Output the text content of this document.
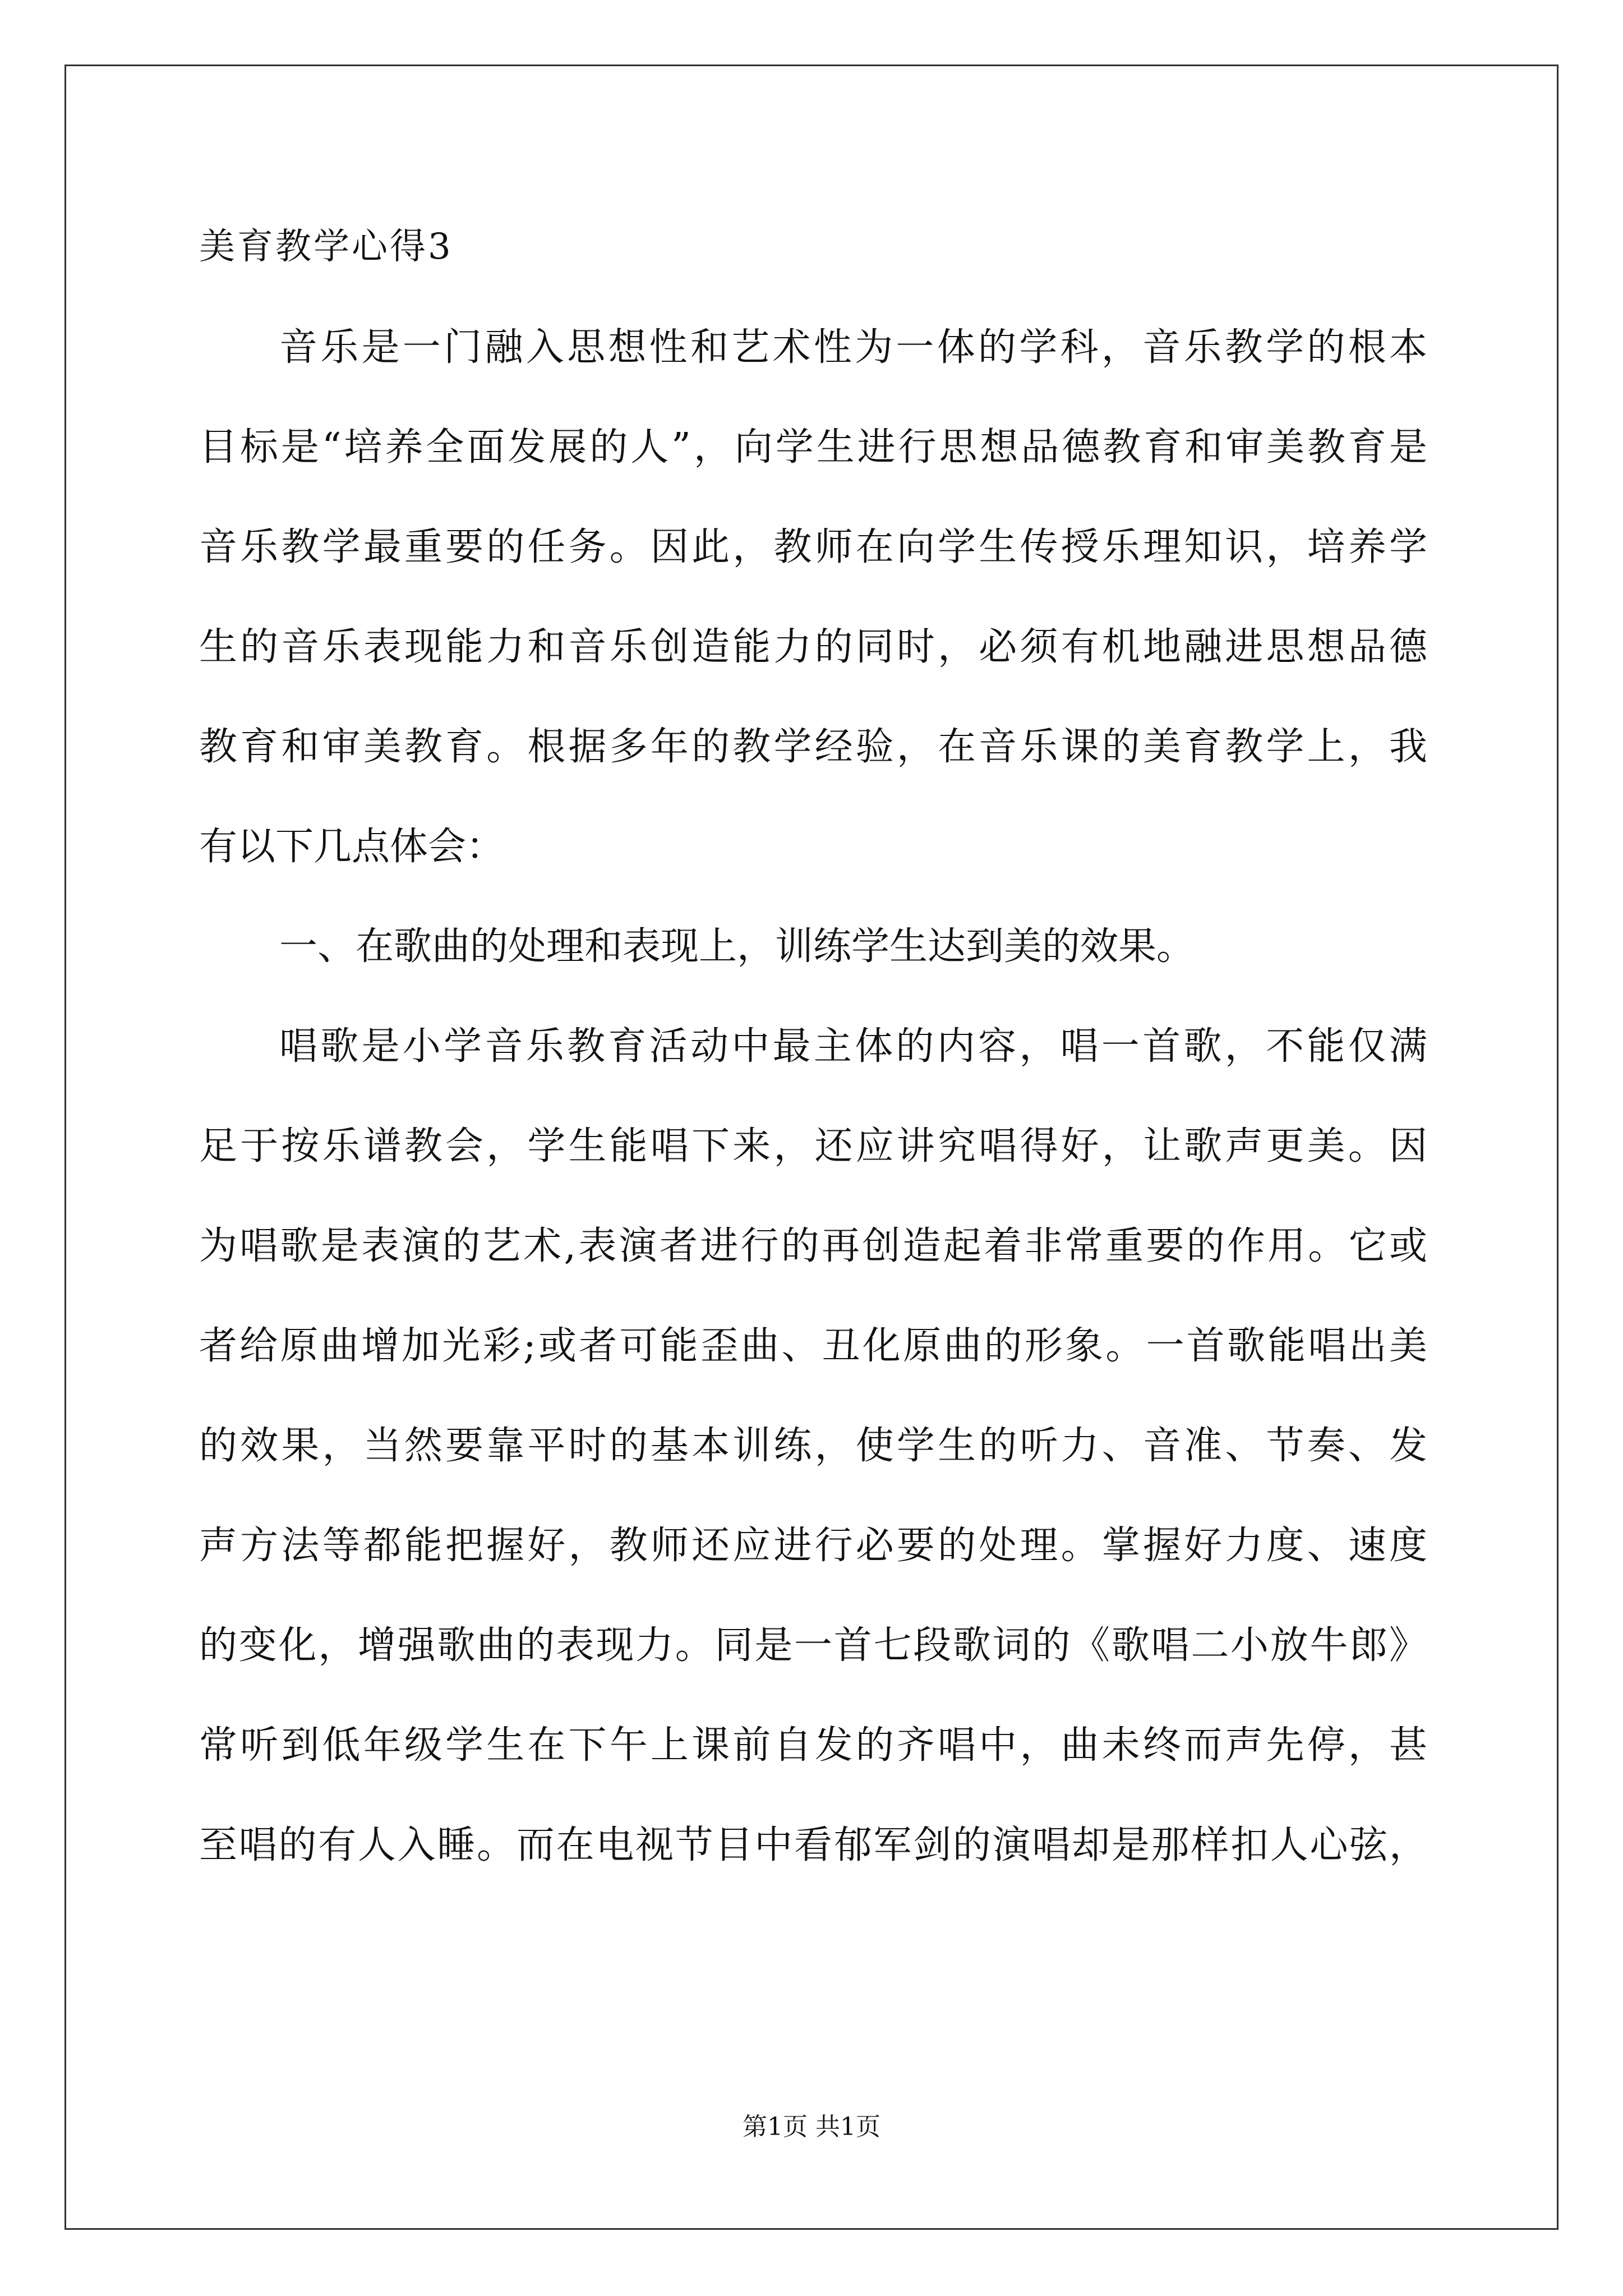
美育教学心得3
音乐是一门融入思想性和艺术性为一体的学科，音乐教学的根本
目标是“培养全面发展的人”，向学生进行思想品德教育和审美教育是
音乐教学最重要的任务。因此，教师在向学生传授乐理知识，培养学
生的音乐表现能力和音乐创造能力的同时，必须有机地融进思想品德
教育和审美教育。根据多年的教学经验，在音乐课的美育教学上，我
有以下几点体会：
一、在歌曲的处理和表现上，训练学生达到美的效果。
唱歌是小学音乐教育活动中最主体的内容，唱一首歌，不能仅满
足于按乐谱教会，学生能唱下来，还应讲究唱得好，让歌声更美。因
为唱歌是表演的艺术,表演者进行的再创造起着非常重要的作用。它或
者给原曲增加光彩;或者可能歪曲、丑化原曲的形象。一首歌能唱出美
的效果，当然要靠平时的基本训练，使学生的听力、音准、节奏、发
声方法等都能把握好，教师还应进行必要的处理。掌握好力度、速度
的变化，增强歌曲的表现力。同是一首七段歌词的《歌唱二小放牛郎》
常听到低年级学生在下午上课前自发的齐唱中，曲未终而声先停，甚
至唱的有人入睡。而在电视节目中看郁军剑的演唱却是那样扣人心弦，
第1页 共1页
